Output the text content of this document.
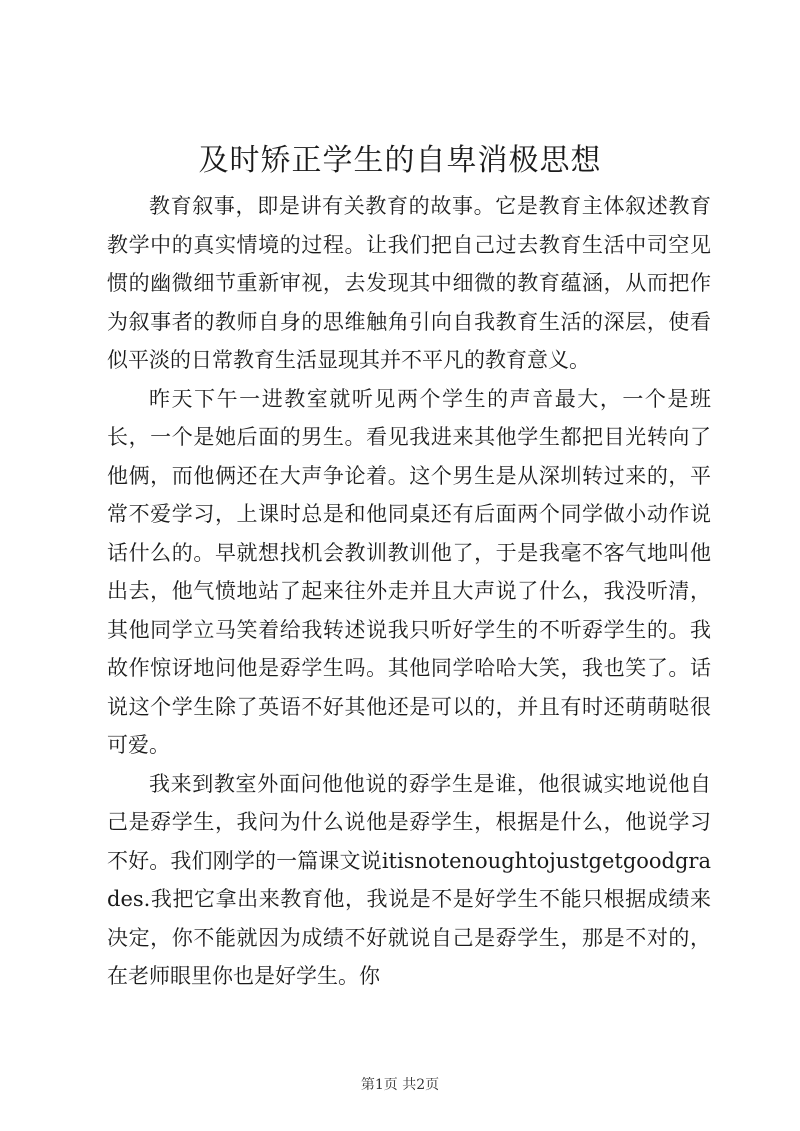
及时矫正学生的自卑消极思想

教育叙事，即是讲有关教育的故事。它是教育主体叙述教育教学中的真实情境的过程。让我们把自己过去教育生活中司空见惯的幽微细节重新审视，去发现其中细微的教育蕴涵，从而把作为叙事者的教师自身的思维触角引向自我教育生活的深层，使看似平淡的日常教育生活显现其并不平凡的教育意义。

昨天下午一进教室就听见两个学生的声音最大，一个是班长，一个是她后面的男生。看见我进来其他学生都把目光转向了他俩，而他俩还在大声争论着。这个男生是从深圳转过来的，平常不爱学习，上课时总是和他同桌还有后面两个同学做小动作说话什么的。早就想找机会教训教训他了，于是我毫不客气地叫他出去，他气愤地站了起来往外走并且大声说了什么，我没听清，其他同学立马笑着给我转述说我只听好学生的不听孬学生的。我故作惊讶地问他是孬学生吗。其他同学哈哈大笑，我也笑了。话说这个学生除了英语不好其他还是可以的，并且有时还萌萌哒很可爱。

我来到教室外面问他他说的孬学生是谁，他很诚实地说他自己是孬学生，我问为什么说他是孬学生，根据是什么，他说学习不好。我们刚学的一篇课文说itisnotenoughtojustgetgoodgrades.我把它拿出来教育他，我说是不是好学生不能只根据成绩来决定，你不能就因为成绩不好就说自己是孬学生，那是不对的，在老师眼里你也是好学生。你

第1页 共2页
